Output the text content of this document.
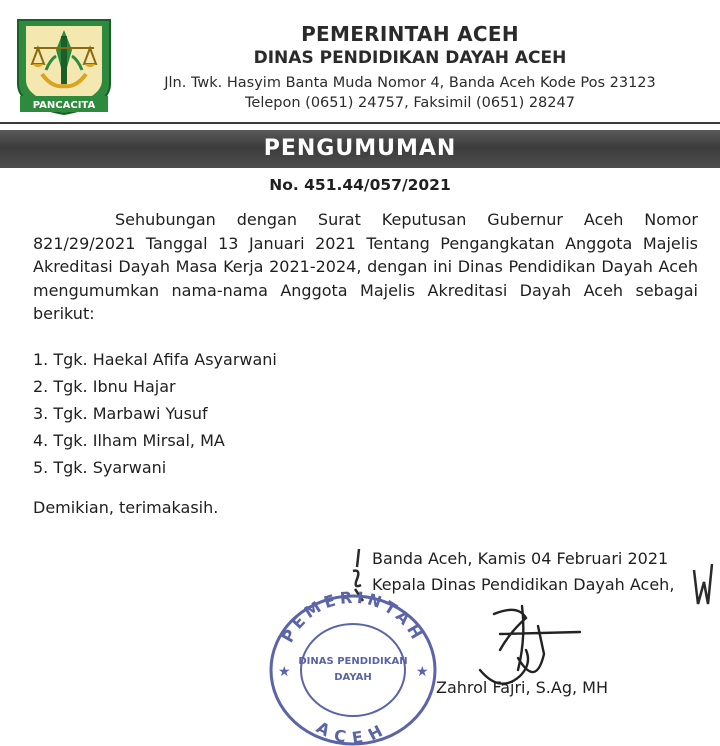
PANCACITA

PEMERINTAH ACEH

DINAS PENDIDIKAN DAYAH ACEH

Jln. Twk. Hasyim Banta Muda Nomor 4, Banda Aceh Kode Pos 23123

Telepon (0651) 24757, Faksimil (0651) 28247

PENGUMUMAN

No. 451.44/057/2021

Sehubungan dengan Surat Keputusan Gubernur Aceh Nomor 821/29/2021 Tanggal 13 Januari 2021 Tentang Pengangkatan Anggota Majelis Akreditasi Dayah Masa Kerja 2021-2024, dengan ini Dinas Pendidikan Dayah Aceh mengumumkan nama-nama Anggota Majelis Akreditasi Dayah Aceh sebagai berikut:

1. Tgk. Haekal Afifa Asyarwani
2. Tgk. Ibnu Hajar
3. Tgk. Marbawi Yusuf
4. Tgk. Ilham Mirsal, MA
5. Tgk. Syarwani

Demikian, terimakasih.

Banda Aceh, Kamis 04 Februari 2021
Kepala Dinas Pendidikan Dayah Aceh,
PEMERINTAH
ACEH
★	★
DINAS PENDIDIKAN
DAYAH
Zahrol Fajri, S.Ag, MH
